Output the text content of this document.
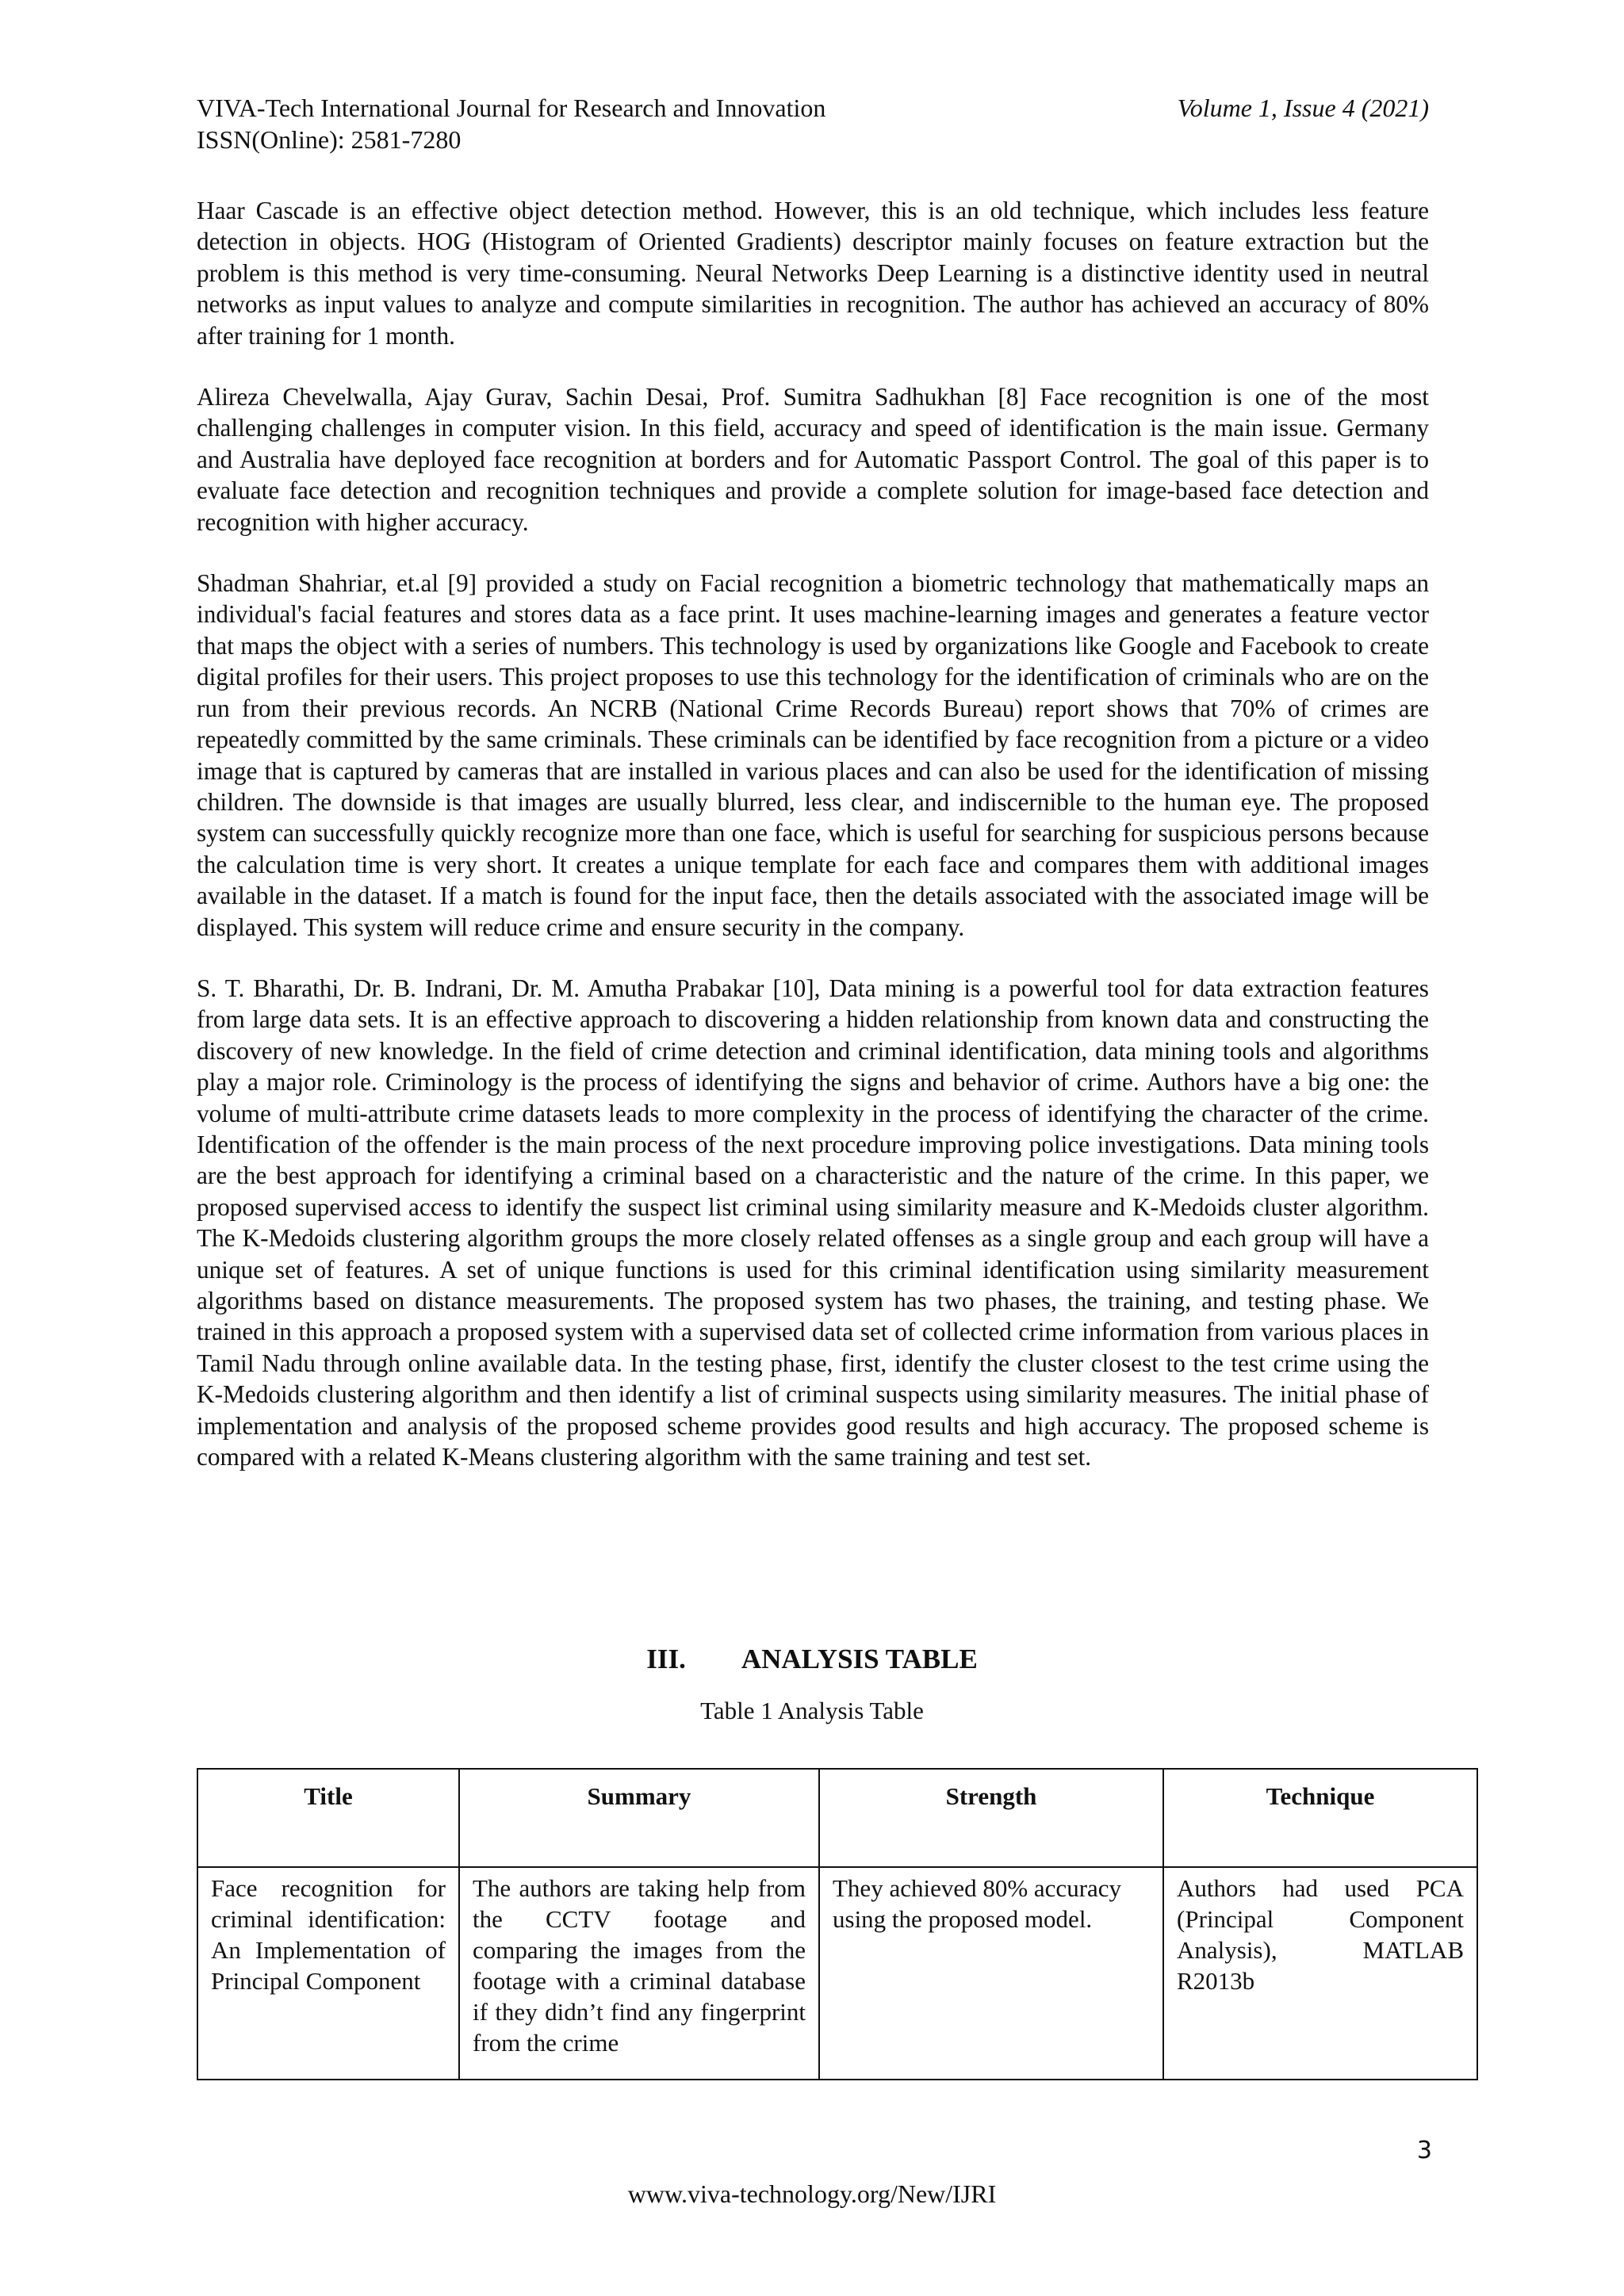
VIVA-Tech International Journal for Research and Innovation
ISSN(Online): 2581-7280
Volume 1, Issue 4 (2021)

Haar Cascade is an effective object detection method. However, this is an old technique, which includes less feature detection in objects. HOG (Histogram of Oriented Gradients) descriptor mainly focuses on feature extraction but the problem is this method is very time-consuming. Neural Networks Deep Learning is a distinctive identity used in neutral networks as input values to analyze and compute similarities in recognition. The author has achieved an accuracy of 80% after training for 1 month.

Alireza Chevelwalla, Ajay Gurav, Sachin Desai, Prof. Sumitra Sadhukhan [8] Face recognition is one of the most challenging challenges in computer vision. In this field, accuracy and speed of identification is the main issue. Germany and Australia have deployed face recognition at borders and for Automatic Passport Control. The goal of this paper is to evaluate face detection and recognition techniques and provide a complete solution for image-based face detection and recognition with higher accuracy.

Shadman Shahriar, et.al [9] provided a study on Facial recognition a biometric technology that mathematically maps an individual's facial features and stores data as a face print. It uses machine-learning images and generates a feature vector that maps the object with a series of numbers. This technology is used by organizations like Google and Facebook to create digital profiles for their users. This project proposes to use this technology for the identification of criminals who are on the run from their previous records. An NCRB (National Crime Records Bureau) report shows that 70% of crimes are repeatedly committed by the same criminals. These criminals can be identified by face recognition from a picture or a video image that is captured by cameras that are installed in various places and can also be used for the identification of missing children. The downside is that images are usually blurred, less clear, and indiscernible to the human eye. The proposed system can successfully quickly recognize more than one face, which is useful for searching for suspicious persons because the calculation time is very short. It creates a unique template for each face and compares them with additional images available in the dataset. If a match is found for the input face, then the details associated with the associated image will be displayed. This system will reduce crime and ensure security in the company.

S. T. Bharathi, Dr. B. Indrani, Dr. M. Amutha Prabakar [10], Data mining is a powerful tool for data extraction features from large data sets. It is an effective approach to discovering a hidden relationship from known data and constructing the discovery of new knowledge. In the field of crime detection and criminal identification, data mining tools and algorithms play a major role. Criminology is the process of identifying the signs and behavior of crime. Authors have a big one: the volume of multi-attribute crime datasets leads to more complexity in the process of identifying the character of the crime. Identification of the offender is the main process of the next procedure improving police investigations. Data mining tools are the best approach for identifying a criminal based on a characteristic and the nature of the crime. In this paper, we proposed supervised access to identify the suspect list criminal using similarity measure and K-Medoids cluster algorithm. The K-Medoids clustering algorithm groups the more closely related offenses as a single group and each group will have a unique set of features. A set of unique functions is used for this criminal identification using similarity measurement algorithms based on distance measurements. The proposed system has two phases, the training, and testing phase. We trained in this approach a proposed system with a supervised data set of collected crime information from various places in Tamil Nadu through online available data. In the testing phase, first, identify the cluster closest to the test crime using the K-Medoids clustering algorithm and then identify a list of criminal suspects using similarity measures. The initial phase of implementation and analysis of the proposed scheme provides good results and high accuracy. The proposed scheme is compared with a related K-Means clustering algorithm with the same training and test set.

III. ANALYSIS TABLE
Table 1 Analysis Table
Title	Summary	Strength	Technique
Face recognition for criminal identification: An Implementation of Principal Component	The authors are taking help from the CCTV footage and comparing the images from the footage with a criminal database if they didn’t find any fingerprint from the crime	They achieved 80% accuracy using the proposed model.	Authors had used PCA (Principal Component Analysis), MATLAB R2013b
3
www.viva-technology.org/New/IJRI
